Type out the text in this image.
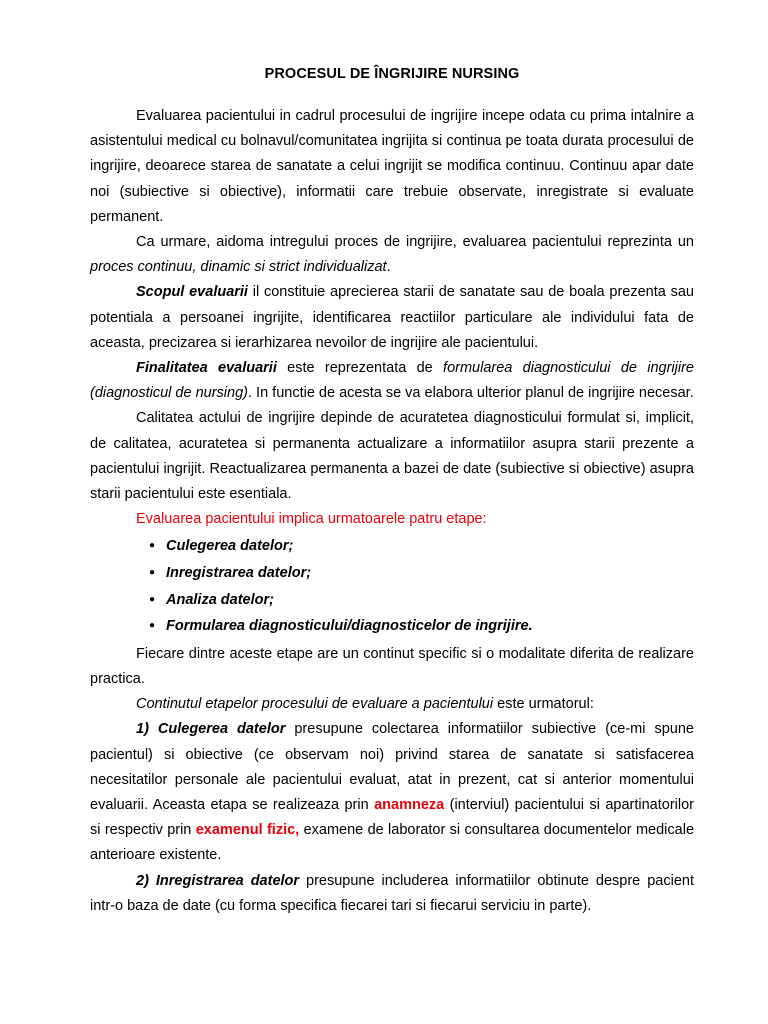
PROCESUL DE ÎNGRIJIRE NURSING

Evaluarea pacientului in cadrul procesului de ingrijire incepe odata cu prima intalnire a asistentului medical cu bolnavul/comunitatea ingrijita si continua pe toata durata procesului de ingrijire, deoarece starea de sanatate a celui ingrijit se modifica continuu. Continuu apar date noi (subiective si obiective), informatii care trebuie observate, inregistrate si evaluate permanent.

Ca urmare, aidoma intregului proces de ingrijire, evaluarea pacientului reprezinta un proces continuu, dinamic si strict individualizat.

Scopul evaluarii il constituie aprecierea starii de sanatate sau de boala prezenta sau potentiala a persoanei ingrijite, identificarea reactiilor particulare ale individului fata de aceasta, precizarea si ierarhizarea nevoilor de ingrijire ale pacientului.

Finalitatea evaluarii este reprezentata de formularea diagnosticului de ingrijire (diagnosticul de nursing). In functie de acesta se va elabora ulterior planul de ingrijire necesar.

Calitatea actului de ingrijire depinde de acuratetea diagnosticului formulat si, implicit, de calitatea, acuratetea si permanenta actualizare a informatiilor asupra starii prezente a pacientului ingrijit. Reactualizarea permanenta a bazei de date (subiective si obiective) asupra starii pacientului este esentiala.

Evaluarea pacientului implica urmatoarele patru etape:

● Culegerea datelor;
● Inregistrarea datelor;
● Analiza datelor;
● Formularea diagnosticului/diagnosticelor de ingrijire.

Fiecare dintre aceste etape are un continut specific si o modalitate diferita de realizare practica.

Continutul etapelor procesului de evaluare a pacientului este urmatorul:

1) Culegerea datelor presupune colectarea informatiilor subiective (ce-mi spune pacientul) si obiective (ce observam noi) privind starea de sanatate si satisfacerea necesitatilor personale ale pacientului evaluat, atat in prezent, cat si anterior momentului evaluarii. Aceasta etapa se realizeaza prin anamneza (interviul) pacientului si apartinatorilor si respectiv prin examenul fizic, examene de laborator si consultarea documentelor medicale anterioare existente.

2) Inregistrarea datelor presupune includerea informatiilor obtinute despre pacient intr-o baza de date (cu forma specifica fiecarei tari si fiecarui serviciu in parte).
